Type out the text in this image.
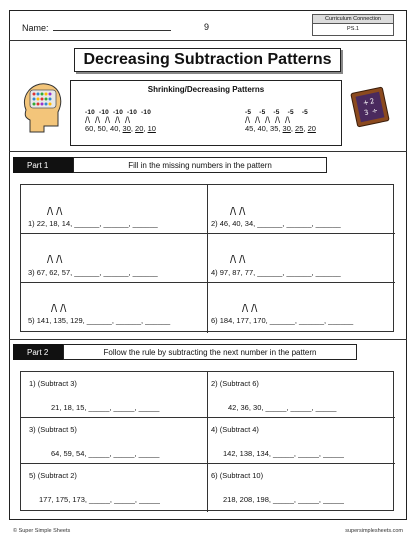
Name:	9
Curriculum Connection
PS.1
Decreasing Subtraction Patterns
Shrinking/Decreasing Patterns
-10  -10  -10  -10  -10
/\  /\  /\  /\  /\
60, 50, 40, 30, 20, 10
-5    -5    -5    -5    -5
/\  /\  /\  /\  /\
45, 40, 35, 30, 25, 20
+ 2
3 ÷
Part 1	Fill in the missing numbers in the pattern
/\ /\
1) 22, 18, 14, ______, ______, ______
/\ /\
2) 46, 40, 34, ______, ______, ______
/\ /\
3) 67, 62, 57, ______, ______, ______
/\ /\
4) 97, 87, 77, ______, ______, ______
/\ /\
5) 141, 135, 129, ______, ______, ______
/\ /\
6) 184, 177, 170, ______, ______, ______
Part 2	Follow the rule by subtracting the next number in the pattern
1) (Subtract 3)
21, 18, 15, _____, _____, _____
2) (Subtract 6)
42, 36, 30, _____, _____, _____
3) (Subtract 5)
64, 59, 54, _____, _____, _____
4) (Subtract 4)
142, 138, 134, _____, _____, _____
5) (Subtract 2)
177, 175, 173, _____, _____, _____
6) (Subtract 10)
218, 208, 198, _____, _____, _____
© Super Simple Sheets	supersimplesheets.com
